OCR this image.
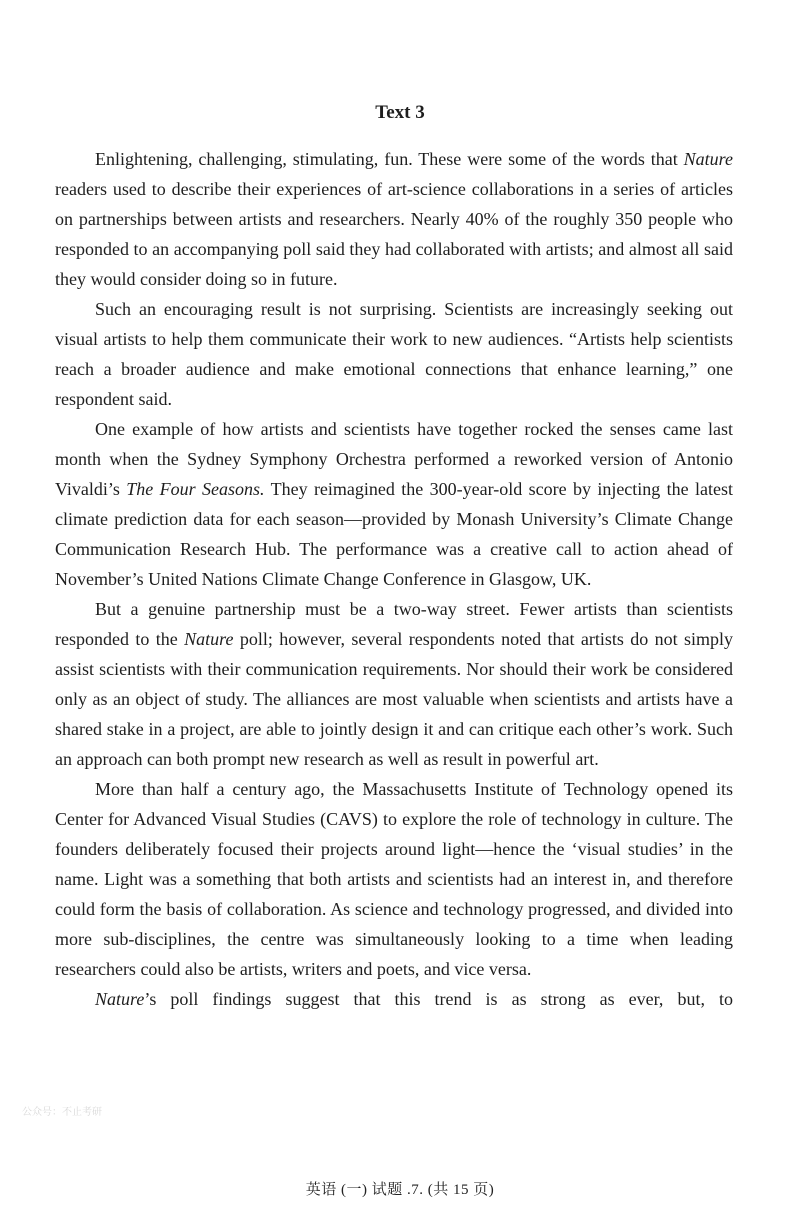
Text 3

Enlightening, challenging, stimulating, fun. These were some of the words that Nature readers used to describe their experiences of art-science collaborations in a series of articles on partnerships between artists and researchers. Nearly 40% of the roughly 350 people who responded to an accompanying poll said they had collaborated with artists; and almost all said they would consider doing so in future.

Such an encouraging result is not surprising. Scientists are increasingly seeking out visual artists to help them communicate their work to new audiences. “Artists help scientists reach a broader audience and make emotional connections that enhance learning,” one respondent said.

One example of how artists and scientists have together rocked the senses came last month when the Sydney Symphony Orchestra performed a reworked version of Antonio Vivaldi’s The Four Seasons. They reimagined the 300-year-old score by injecting the latest climate prediction data for each season—provided by Monash University’s Climate Change Communication Research Hub. The performance was a creative call to action ahead of November’s United Nations Climate Change Conference in Glasgow, UK.

But a genuine partnership must be a two-way street. Fewer artists than scientists responded to the Nature poll; however, several respondents noted that artists do not simply assist scientists with their communication requirements. Nor should their work be considered only as an object of study. The alliances are most valuable when scientists and artists have a shared stake in a project, are able to jointly design it and can critique each other’s work. Such an approach can both prompt new research as well as result in powerful art.

More than half a century ago, the Massachusetts Institute of Technology opened its Center for Advanced Visual Studies (CAVS) to explore the role of technology in culture. The founders deliberately focused their projects around light—hence the ‘visual studies’ in the name. Light was a something that both artists and scientists had an interest in, and therefore could form the basis of collaboration. As science and technology progressed, and divided into more sub-disciplines, the centre was simultaneously looking to a time when leading researchers could also be artists, writers and poets, and vice versa.

Nature’s poll findings suggest that this trend is as strong as ever, but, to

公众号：不止考研
英语 (一) 试题 .7. (共 15 页)
